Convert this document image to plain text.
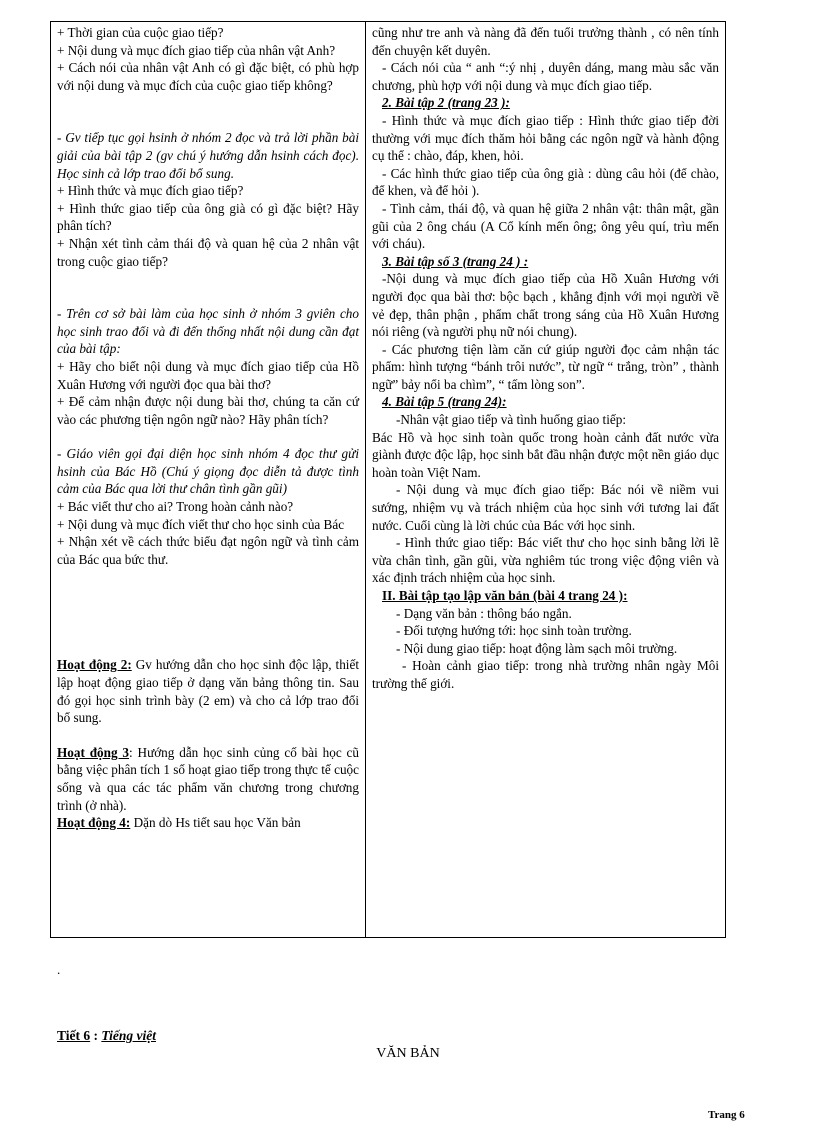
+ Thời gian của cuộc giao tiếp?

+ Nội dung và mục đích giao tiếp của nhân vật Anh?

+ Cách nói của nhân vật Anh có gì đặc biệt, có phù hợp với nội dung và mục đích của cuộc giao tiếp không?

- Gv tiếp tục gọi hsinh ở nhóm 2 đọc và trả lời phần bài giải của bài tập 2 (gv chú ý hướng dẫn hsinh cách đọc). Học sinh cả lớp trao đổi bổ sung.

+ Hình thức và mục đích giao tiếp?

+ Hình thức giao tiếp của ông già có gì đặc biệt? Hãy phân tích?

+ Nhận xét tình cảm thái độ và quan hệ của 2 nhân vật trong cuộc giao tiếp?

- Trên cơ sở bài làm của học sinh ở nhóm 3 gviên cho học sinh trao đổi và đi đến thống nhất nội dung cần đạt của bài tập:

+ Hãy cho biết nội dung và mục đích giao tiếp của Hồ Xuân Hương với người đọc qua bài thơ?

+ Để cảm nhận được nội dung bài thơ, chúng ta căn cứ vào các phương tiện ngôn ngữ nào? Hãy phân tích?

- Giáo viên gọi đại diện học sinh nhóm 4 đọc thư gửi hsinh của Bác Hồ (Chú ý giọng đọc diễn tả được tình cảm của Bác qua lời thư chân tình gần gũi)

+ Bác viết thư cho ai? Trong hoàn cảnh nào?

+ Nội dung và mục đích viết thư cho học sinh của Bác

+ Nhận xét về cách thức biểu đạt ngôn ngữ và tình cảm của Bác qua bức thư.

Hoạt động 2: Gv hướng dẫn cho học sinh độc lập, thiết lập hoạt động giao tiếp ở dạng văn bảng thông tin. Sau đó gọi học sinh trình bày (2 em) và cho cả lớp trao đổi bổ sung.

Hoạt động 3: Hướng dẫn học sinh củng cố bài học cũ bằng việc phân tích 1 số hoạt giao tiếp trong thực tế cuộc sống và qua các tác phẩm văn chương trong chương trình (ở nhà).

Hoạt động 4: Dặn dò Hs tiết sau học Văn bản

cũng như tre anh và nàng đã đến tuổi trưởng thành , có nên tính đến chuyện kết duyên.

- Cách nói của “ anh “:ý nhị , duyên dáng, mang màu sắc văn chương, phù hợp với nội dung và mục đích giao tiếp.

2. Bài tập 2 (trang 23 ):

- Hình thức và mục đích giao tiếp : Hình thức giao tiếp đời thường với mục đích thăm hỏi bằng các ngôn ngữ và hành động cụ thể : chào, đáp, khen, hỏi.

- Các hình thức giao tiếp của ông già : dùng câu hỏi (để chào, để khen, và để hỏi ).

- Tình cảm, thái độ, và quan hệ giữa 2 nhân vật: thân mật, gần gũi của 2 ông cháu (A Cổ kính mến ông; ông yêu quí, trìu mến với cháu).

3. Bài tập số 3 (trang 24 ) :

-Nội dung và mục đích giao tiếp của Hồ Xuân Hương với người đọc qua bài thơ: bộc bạch , khẳng định với mọi người về vẻ đẹp, thân phận , phẩm chất trong sáng của Hồ Xuân Hương nói riêng (và người phụ nữ nói chung).

- Các phương tiện làm căn cứ giúp người đọc cảm nhận tác phẩm: hình tượng “bánh trôi nước”, từ ngữ “ trắng, tròn” , thành ngữ” bảy nổi ba chìm”, “ tấm lòng son”.

4. Bài tập 5 (trang 24):

-Nhân vật giao tiếp và tình huống giao tiếp:

Bác Hồ và học sinh toàn quốc trong hoàn cảnh đất nước vừa giành được độc lập, học sinh bắt đầu nhận được một nền giáo dục hoàn toàn Việt Nam.

- Nội dung và mục đích giao tiếp: Bác nói về niềm vui sướng, nhiệm vụ và trách nhiệm của học sinh với tương lai đất nước. Cuối cùng là lời chúc của Bác với học sinh.

- Hình thức giao tiếp: Bác viết thư cho học sinh bằng lời lẽ vừa chân tình, gần gũi, vừa nghiêm túc trong việc động viên và xác định trách nhiệm của học sinh.

II. Bài tập tạo lập văn bản (bài 4 trang 24 ):

- Dạng văn bản : thông báo ngắn.

- Đối tượng hướng tới: học sinh toàn trường.

- Nội dung giao tiếp: hoạt động làm sạch môi trường.

- Hoàn cảnh giao tiếp: trong nhà trường nhân ngày Môi trường thế giới.

.
Tiết 6 : Tiếng việt
VĂN BẢN
Trang 6
